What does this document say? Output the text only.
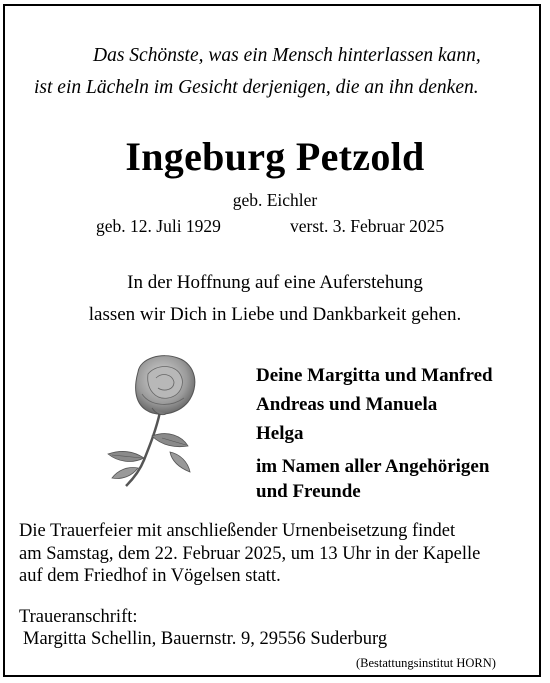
Das Schönste, was ein Mensch hinterlassen kann,
ist ein Lächeln im Gesicht derjenigen, die an ihn denken.
Ingeburg Petzold
geb. Eichler
geb. 12. Juli 1929	verst. 3. Februar 2025
In der Hoffnung auf eine Auferstehung
lassen wir Dich in Liebe und Dankbarkeit gehen.
Deine Margitta und Manfred
Andreas und Manuela
Helga
im Namen aller Angehörigen
und Freunde
Die Trauerfeier mit anschließender Urnenbeisetzung findet
am Samstag, dem 22. Februar 2025, um 13 Uhr in der Kapelle
auf dem Friedhof in Vögelsen statt.
Traueranschrift:
Margitta Schellin, Bauernstr. 9, 29556 Suderburg
(Bestattungsinstitut HORN)
